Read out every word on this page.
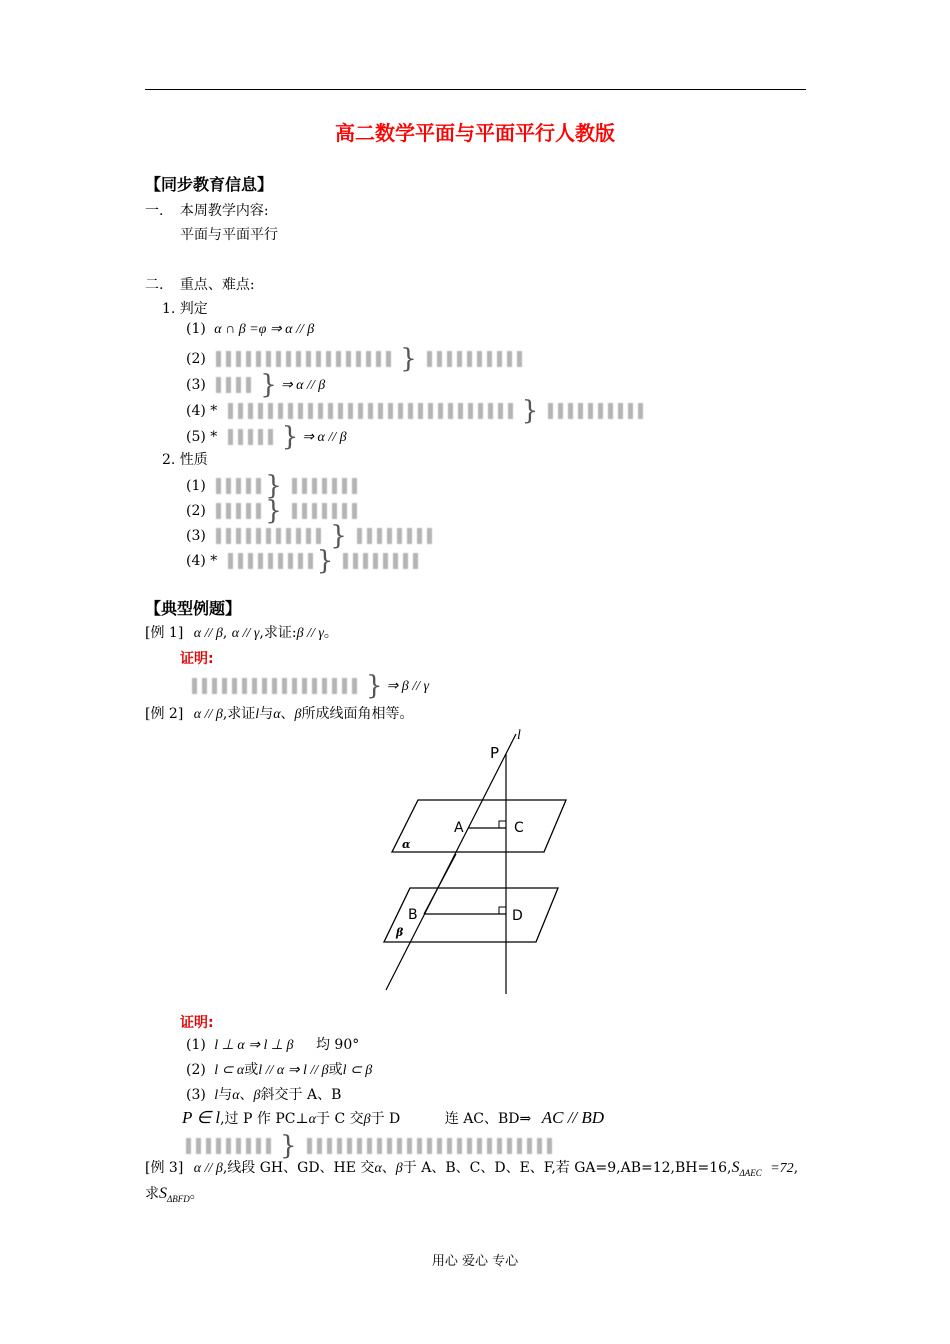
高二数学平面与平面平行人教版
【同步教育信息】
一. 本周教学内容:
平面与平面平行
二. 重点、难点:
1. 判定
(1) α ∩ β =φ ⇒ α // β
(2)	}
(3) } ⇒ α // β
(4) *	}
(5) * } ⇒ α // β
2. 性质
(1) }
(2) }
(3)	}
(4) *	}
【典型例题】
[例 1] α // β, α // γ,求证:β // γ。
证明:
} ⇒ β // γ
[例 2] α // β,求证l与α、β所成线面角相等。
P
l
A	C
B	D
α
β
证明:
(1) l ⊥ α ⇒ l ⊥ β 均 90°
(2) l ⊂ α或l // α ⇒ l // β或l ⊂ β
(3) l与α、β斜交于 A、B
P ∈ l,过 P 作 PC⊥α于 C 交β于 D	连 AC、BD⇒ AC // BD
}
[例 3] α // β,线段 GH、GD、HE 交α、β于 A、B、C、D、E、F,若 $GA=9,AB=12,BH=16,S_{\Delta AEC} =72$,
求$S_{\Delta BFD}$。
用心 爱心 专心
